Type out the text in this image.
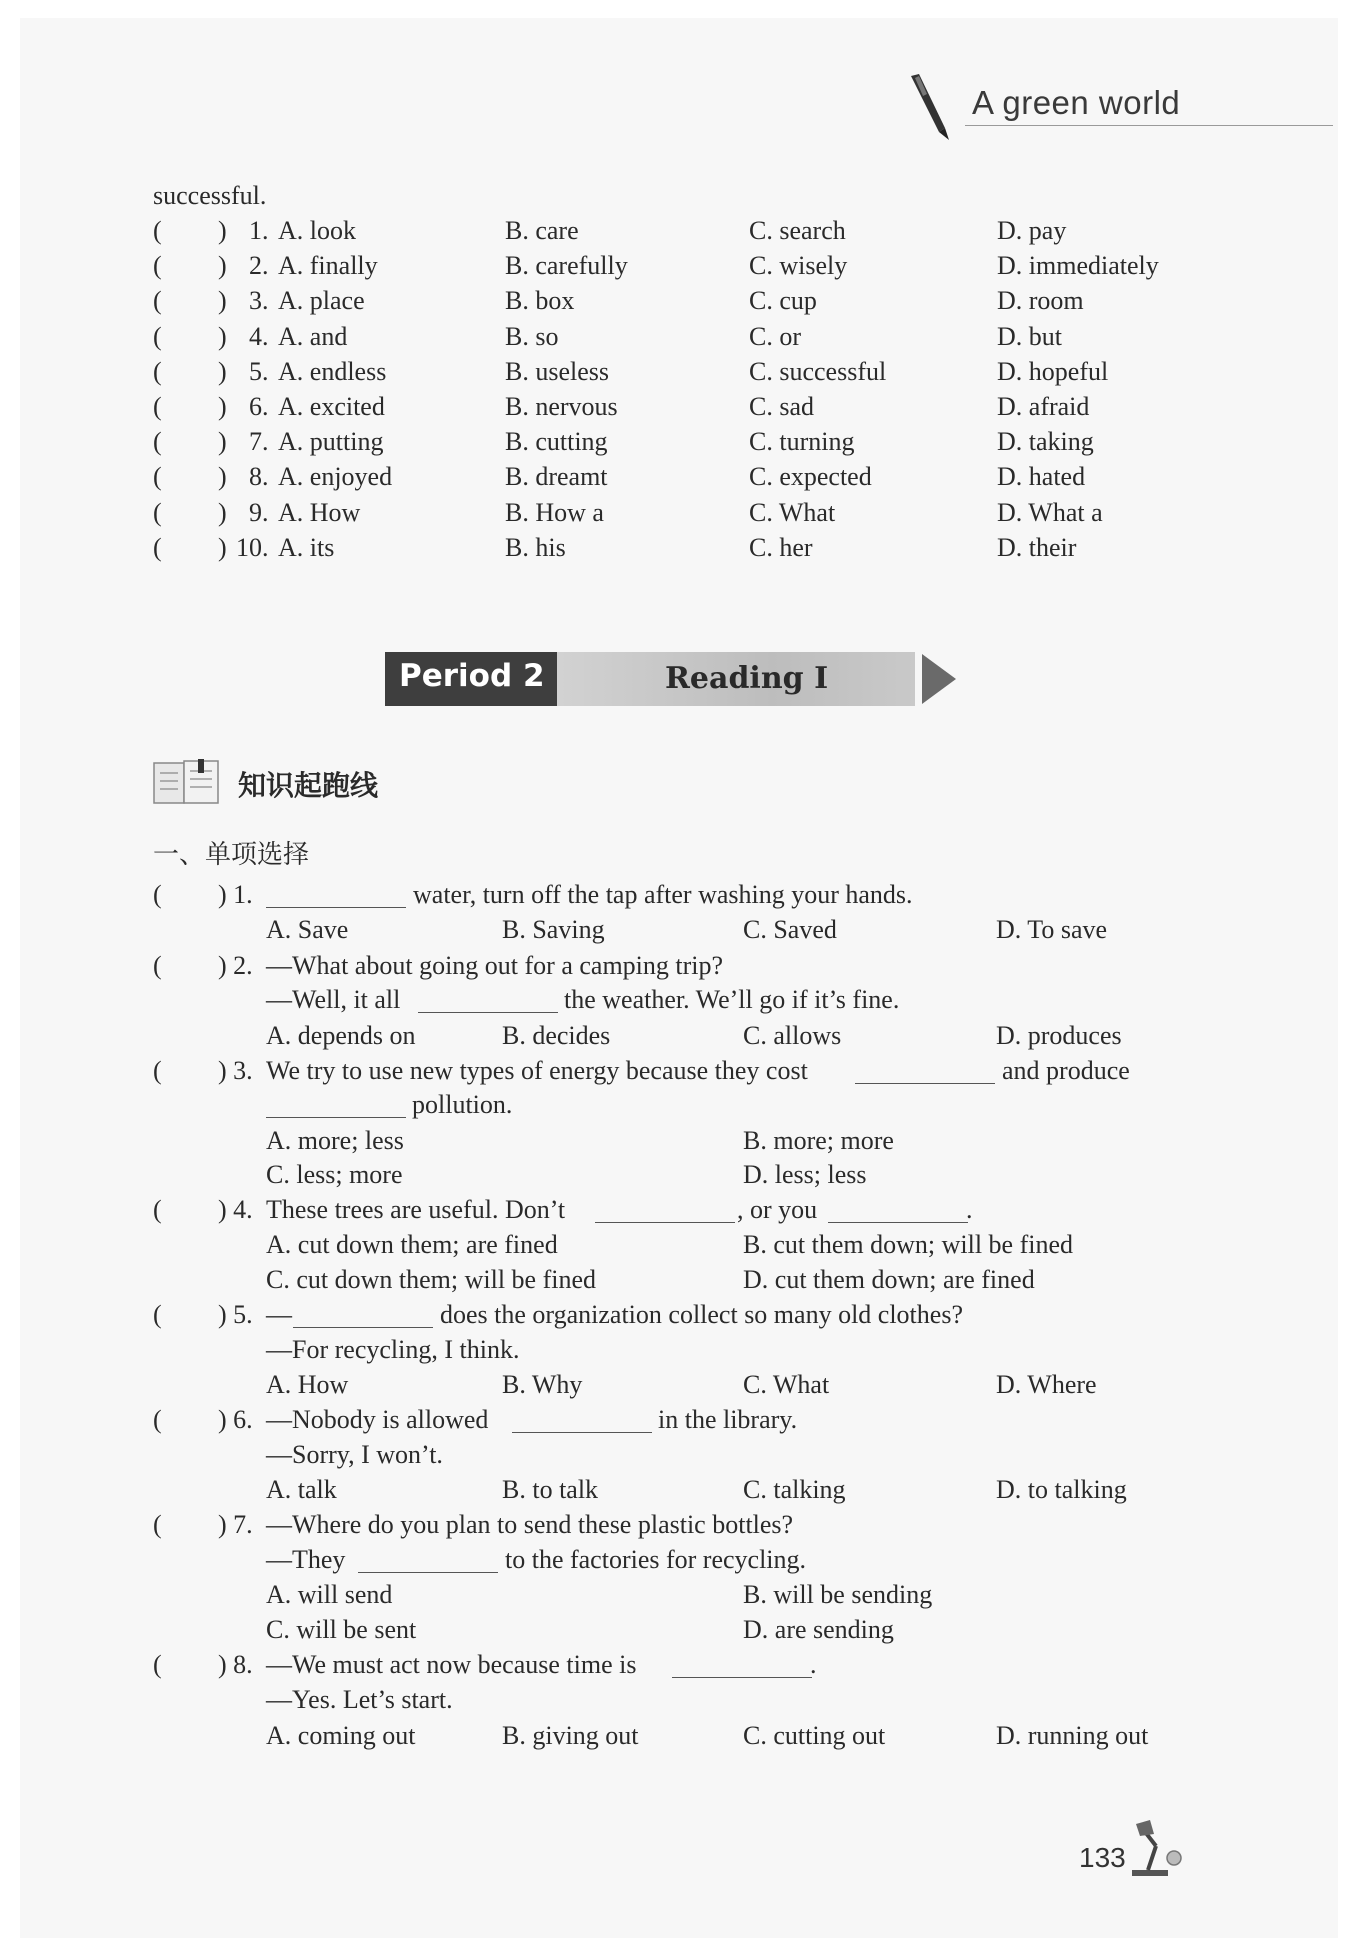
A green world
successful.
( ) 1. A. look	B. care	C. search	D. pay
( ) 2. A. finally	B. carefully	C. wisely	D. immediately
( ) 3. A. place	B. box	C. cup	D. room
( ) 4. A. and	B. so	C. or	D. but
( ) 5. A. endless	B. useless	C. successful	D. hopeful
( ) 6. A. excited	B. nervous	C. sad	D. afraid
( ) 7. A. putting	B. cutting	C. turning	D. taking
( ) 8. A. enjoyed	B. dreamt	C. expected	D. hated
( ) 9. A. How	B. How a	C. What	D. What a
( ) 10. A. its	B. his	C. her	D. their
Period 2	Reading I
知识起跑线
一、单项选择
( ) 1.	water, turn off the tap after washing your hands.
A. Save	B. Saving	C. Saved	D. To save
( ) 2. —What about going out for a camping trip?
—Well, it all	the weather. We’ll go if it’s fine.
A. depends on	B. decides	C. allows	D. produces
( ) 3. We try to use new types of energy because they cost	and produce
pollution.
A. more; less	B. more; more
C. less; more	D. less; less
( ) 4. These trees are useful. Don’t	, or you	.
A. cut down them; are fined	B. cut them down; will be fined
C. cut down them; will be fined	D. cut them down; are fined
( ) 5. —	does the organization collect so many old clothes?
—For recycling, I think.
A. How	B. Why	C. What	D. Where
( ) 6. —Nobody is allowed	in the library.
—Sorry, I won’t.
A. talk	B. to talk	C. talking	D. to talking
( ) 7. —Where do you plan to send these plastic bottles?
—They	to the factories for recycling.
A. will send	B. will be sending
C. will be sent	D. are sending
( ) 8. —We must act now because time is	.
—Yes. Let’s start.
A. coming out	B. giving out	C. cutting out	D. running out
133
